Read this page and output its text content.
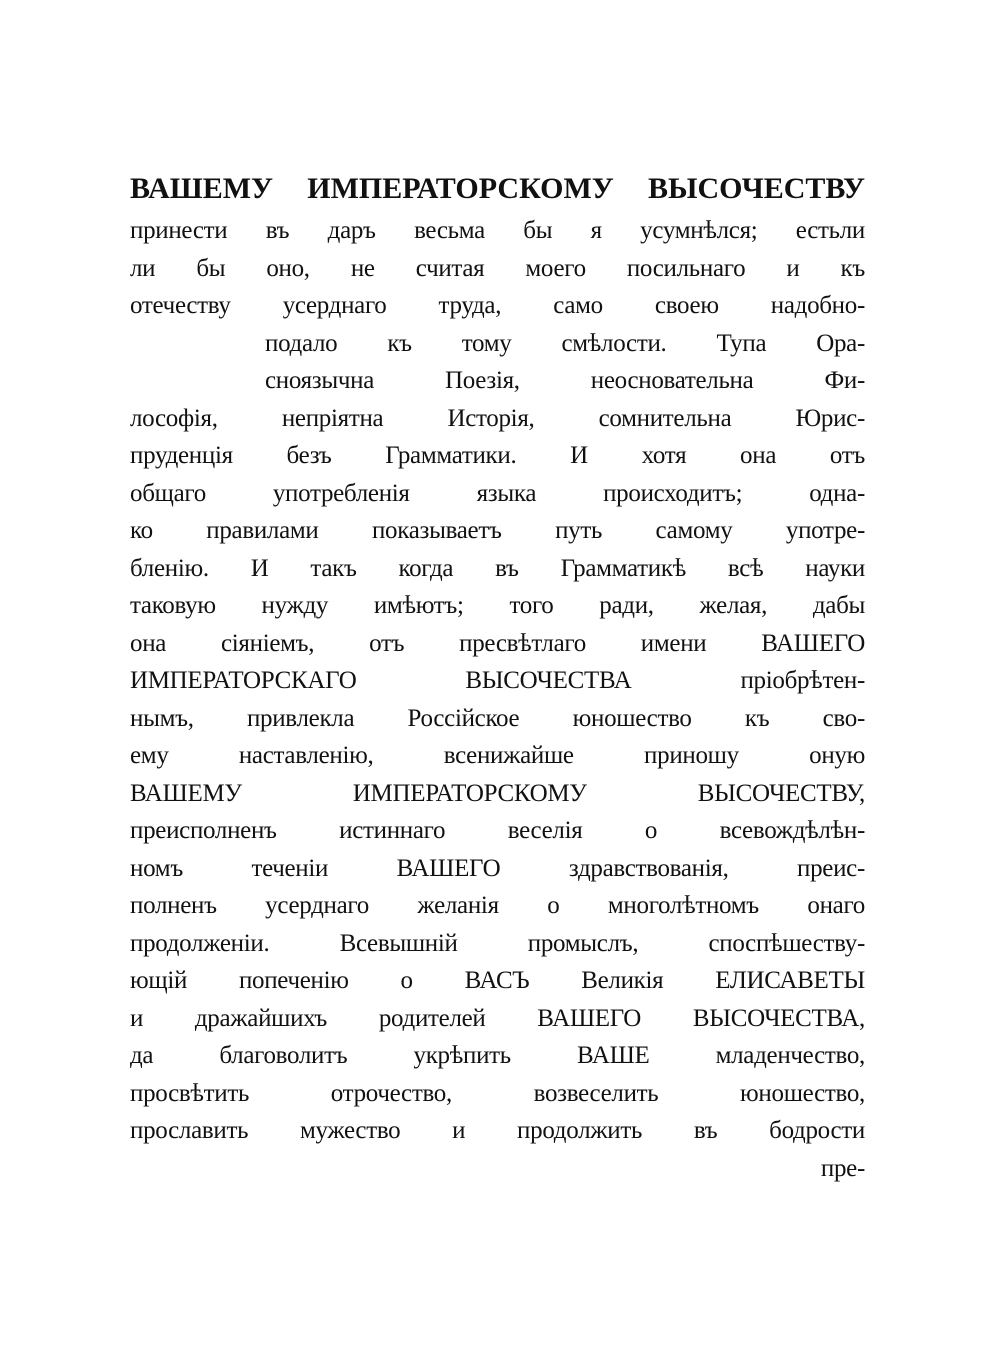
ВАШЕМУ ИМПЕРАТОРСКОМУ ВЫСОЧЕСТВУ
принести въ даръ весьма бы я усумнѣлся; естьли
ли бы оно, не считая моего посильнаго и къ
отечеству усерднаго труда, само своею надобно-
подало къ тому смѣлости. Тупа Ора-
сноязычна Поезія, неосновательна Фи-
лософія, непріятна Исторія, сомнительна Юрис-
пруденція безъ Грамматики. И хотя она отъ
общаго употребленія языка происходитъ; одна-
ко правилами показываетъ путь самому употре-
бленію. И такъ когда въ Грамматикѣ всѣ науки
таковую нужду имѣютъ; того ради, желая, дабы
она сіяніемъ, отъ пресвѣтлаго имени ВАШЕГО
ИМПЕРАТОРСКАГО ВЫСОЧЕСТВА пріобрѣтен-
нымъ, привлекла Россійское юношество къ сво-
ему наставленію, всенижайше приношу оную
ВАШЕМУ ИМПЕРАТОРСКОМУ ВЫСОЧЕСТВУ,
преисполненъ истиннаго веселія о всевождѣлѣн-
номъ теченіи ВАШЕГО здравствованія, преис-
полненъ усерднаго желанія о многолѣтномъ онаго
продолженіи. Всевышній промыслъ, споспѣшеству-
ющій попеченію о ВАСЪ Великія ЕЛИСАВЕТЫ
и дражайшихъ родителей ВАШЕГО ВЫСОЧЕСТВА,
да благоволитъ укрѣпить ВАШЕ младенчество,
просвѣтить отрочество, возвеселить юношество,
прославить мужество и продолжить въ бодрости
пре-
